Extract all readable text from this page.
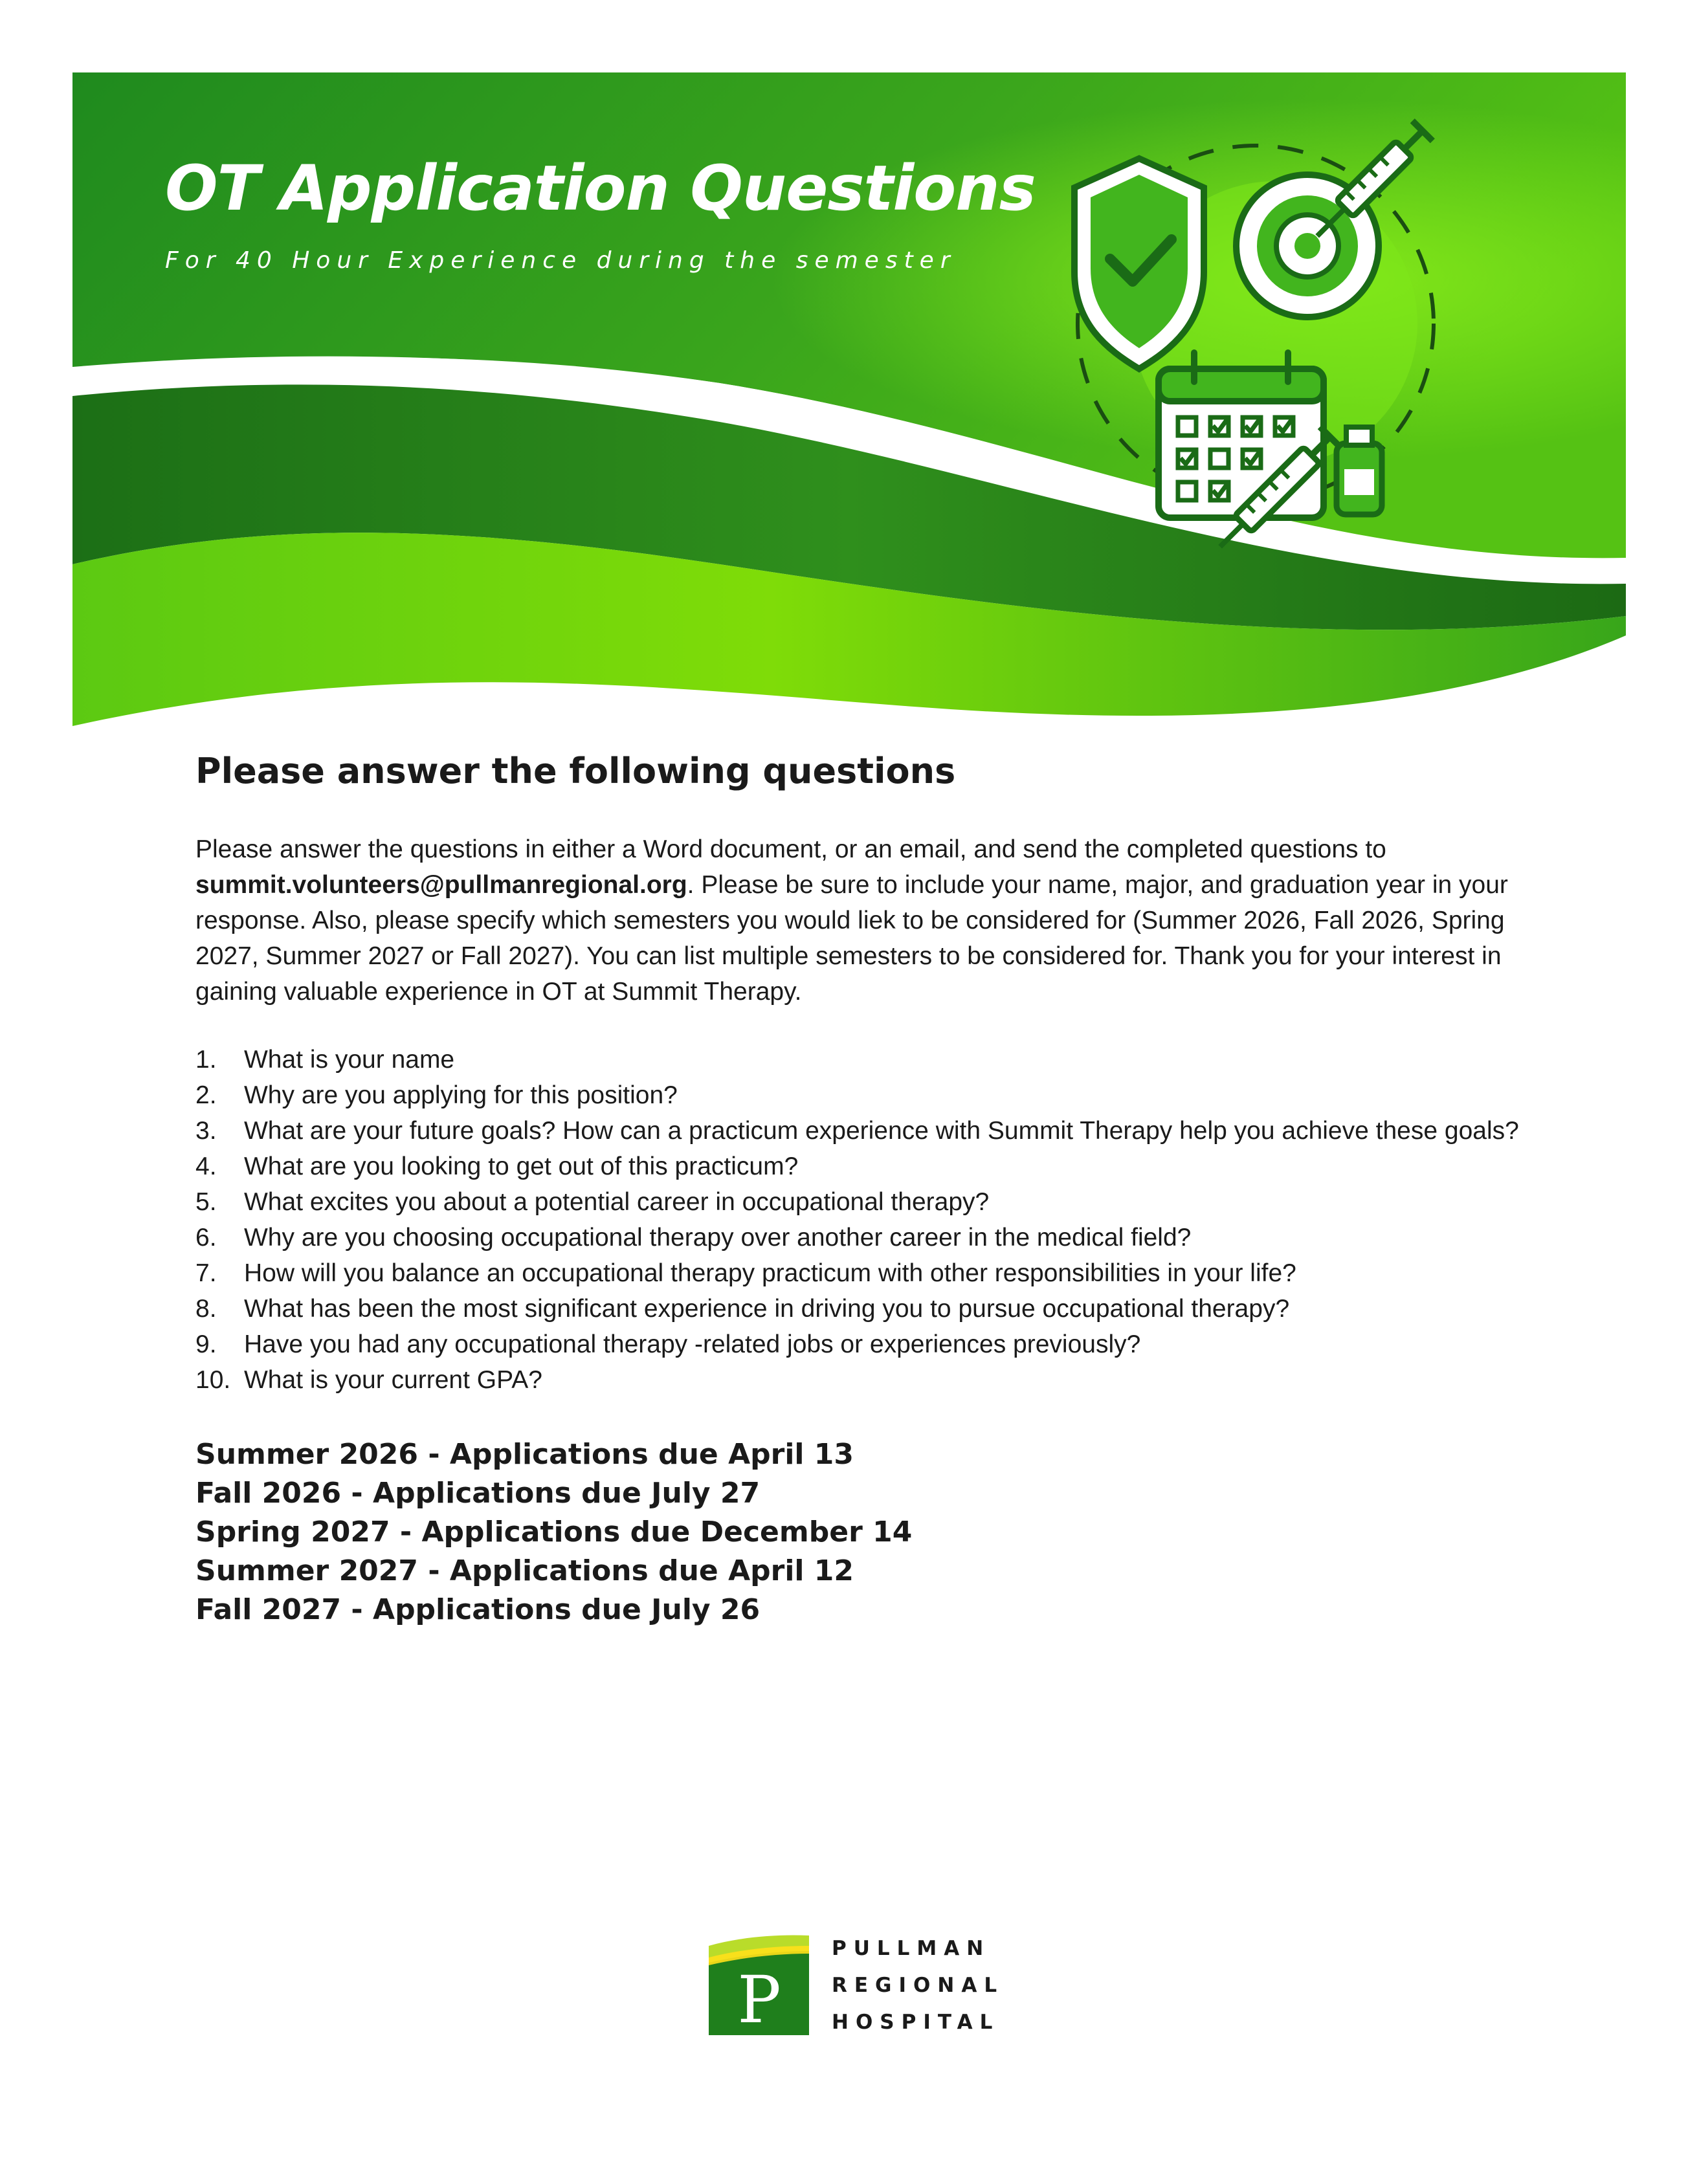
OT Application Questions

For 40 Hour Experience during the semester

Please answer the following questions

Please answer the questions in either a Word document, or an email, and send the completed questions to summit.volunteers@pullmanregional.org. Please be sure to include your name, major, and graduation year in your response. Also, please specify which semesters you would liek to be considered for (Summer 2026, Fall 2026, Spring 2027, Summer 2027 or Fall 2027). You can list multiple semesters to be considered for. Thank you for your interest in gaining valuable experience in OT at Summit Therapy.

1. What is your name
2. Why are you applying for this position?
3. What are your future goals? How can a practicum experience with Summit Therapy help you achieve these goals?
4. What are you looking to get out of this practicum?
5. What excites you about a potential career in occupational therapy?
6. Why are you choosing occupational therapy over another career in the medical field?
7. How will you balance an occupational therapy practicum with other responsibilities in your life?
8. What has been the most significant experience in driving you to pursue occupational therapy?
9. Have you had any occupational therapy -related jobs or experiences previously?
10. What is your current GPA?
Summer 2026 - Applications due April 13
Fall 2026 - Applications due July 27
Spring 2027 - Applications due December 14
Summer 2027 - Applications due April 12
Fall 2027 - Applications due July 26
P
PULLMAN
REGIONAL
HOSPITAL
